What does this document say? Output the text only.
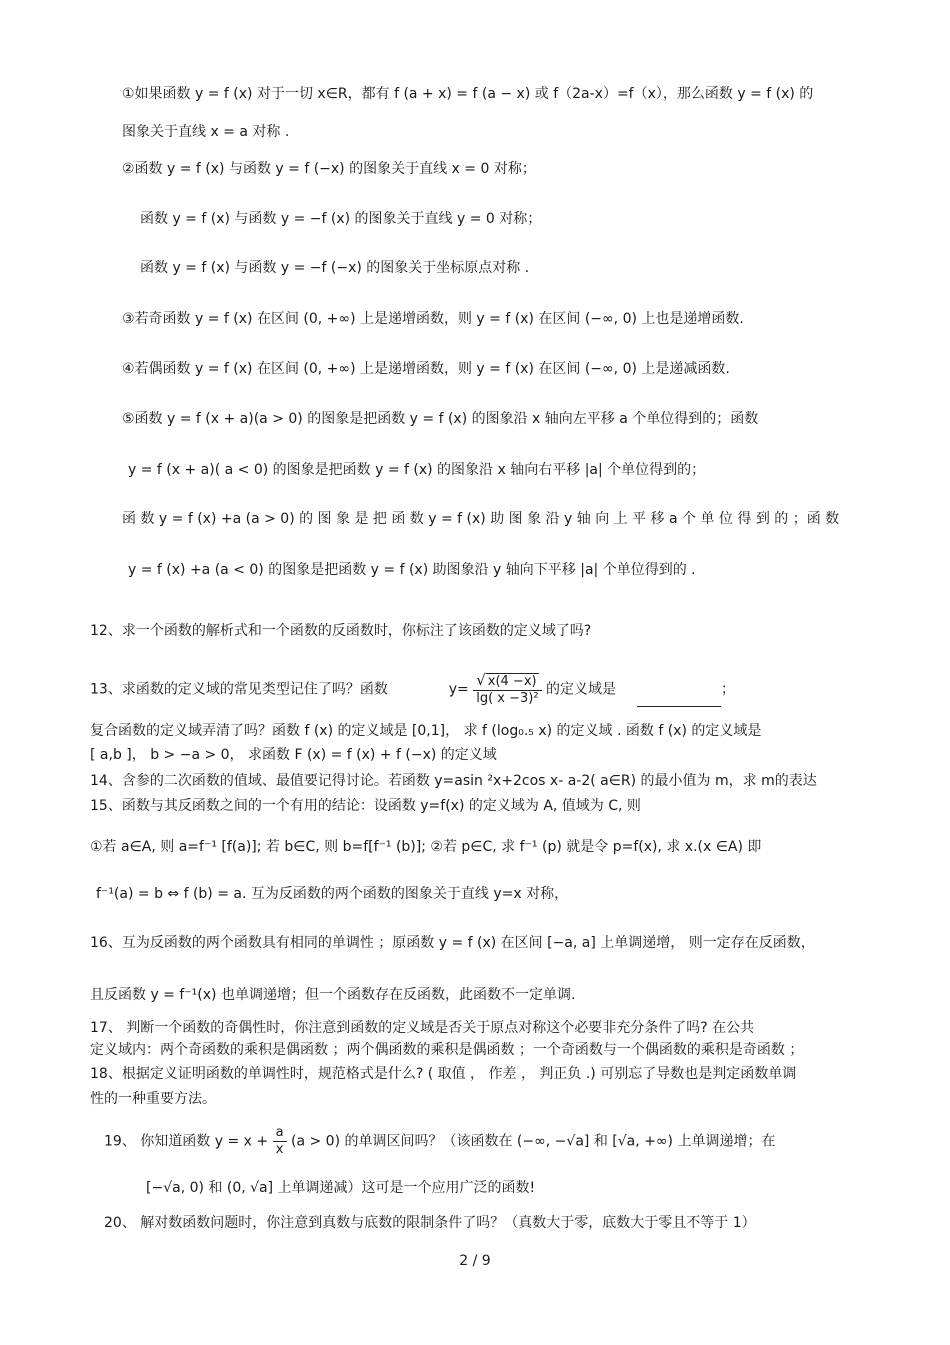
①如果函数 y = f (x) 对于一切 x∈R，都有 f (a + x) = f (a − x) 或 f（2a-x）=f（x），那么函数 y = f (x) 的
图象关于直线 x = a 对称 .
②函数 y = f (x) 与函数 y = f (−x) 的图象关于直线 x = 0 对称；
函数 y = f (x) 与函数 y = −f (x) 的图象关于直线 y = 0 对称；
函数 y = f (x) 与函数 y = −f (−x) 的图象关于坐标原点对称 .
③若奇函数 y = f (x) 在区间 (0, +∞) 上是递增函数，则 y = f (x) 在区间 (−∞, 0) 上也是递增函数.
④若偶函数 y = f (x) 在区间 (0, +∞) 上是递增函数，则 y = f (x) 在区间 (−∞, 0) 上是递减函数.
⑤函数 y = f (x + a)(a > 0) 的图象是把函数 y = f (x) 的图象沿 x 轴向左平移 a 个单位得到的；函数
y = f (x + a)( a < 0) 的图象是把函数 y = f (x) 的图象沿 x 轴向右平移 |a| 个单位得到的；
函 数 y = f (x) +a (a > 0) 的 图 象 是 把 函 数 y = f (x) 助 图 象 沿 y 轴 向 上 平 移 a 个 单 位 得 到 的 ；函 数
y = f (x) +a (a < 0) 的图象是把函数 y = f (x) 助图象沿 y 轴向下平移 |a| 个单位得到的 .
12、求一个函数的解析式和一个函数的反函数时，你标注了该函数的定义域了吗?
13、求函数的定义域的常见类型记住了吗？函数	$y= \frac{√ x(4 -x)}{\text{lg( x −3)²}}$ 的定义域是	；
复合函数的定义域弄清了吗？函数 f (x) 的定义域是 [0,1]， 求 f (log₀.₅ x) 的定义域 . 函数 f (x) 的定义域是
[ a,b ]， b > −a > 0， 求函数 F (x) = f (x) + f (−x) 的定义域
14、含参的二次函数的值域、最值要记得讨论。若函数 y=asin ²x+2cos x- a-2( a∈R) 的最小值为 m，求 m的表达
15、函数与其反函数之间的一个有用的结论：设函数 y=f(x) 的定义域为 A, 值域为 C, 则
①若 a∈A, 则 a=f⁻¹ [f(a)]; 若 b∈C, 则 b=f[f⁻¹ (b)]; ②若 p∈C, 求 f⁻¹ (p) 就是令 p=f(x), 求 x.(x ∈A) 即
f⁻¹(a) = b ⇔ f (b) = a. 互为反函数的两个函数的图象关于直线 y=x 对称，
16、互为反函数的两个函数具有相同的单调性 ；原函数 y = f (x) 在区间 [−a, a] 上单调递增， 则一定存在反函数，
且反函数 y = f⁻¹(x) 也单调递增；但一个函数存在反函数，此函数不一定单调.
17、 判断一个函数的奇偶性时，你注意到函数的定义域是否关于原点对称这个必要非充分条件了吗? 在公共
定义域内：两个奇函数的乘积是偶函数 ；两个偶函数的乘积是偶函数 ；一个奇函数与一个偶函数的乘积是奇函数 ；
18、根据定义证明函数的单调性时，规范格式是什么? ( 取值 ， 作差 ， 判正负 .) 可别忘了导数也是判定函数单调
性的一种重要方法。
19、 你知道函数 $y = x + \frac{a}{x} (a > 0)$ 的单调区间吗？（该函数在 (−∞, −√a] 和 [√a, +∞) 上单调递增；在
[−√a, 0) 和 (0, √a] 上单调递减）这可是一个应用广泛的函数!
20、 解对数函数问题时，你注意到真数与底数的限制条件了吗？（真数大于零，底数大于零且不等于 1）
2 / 9
